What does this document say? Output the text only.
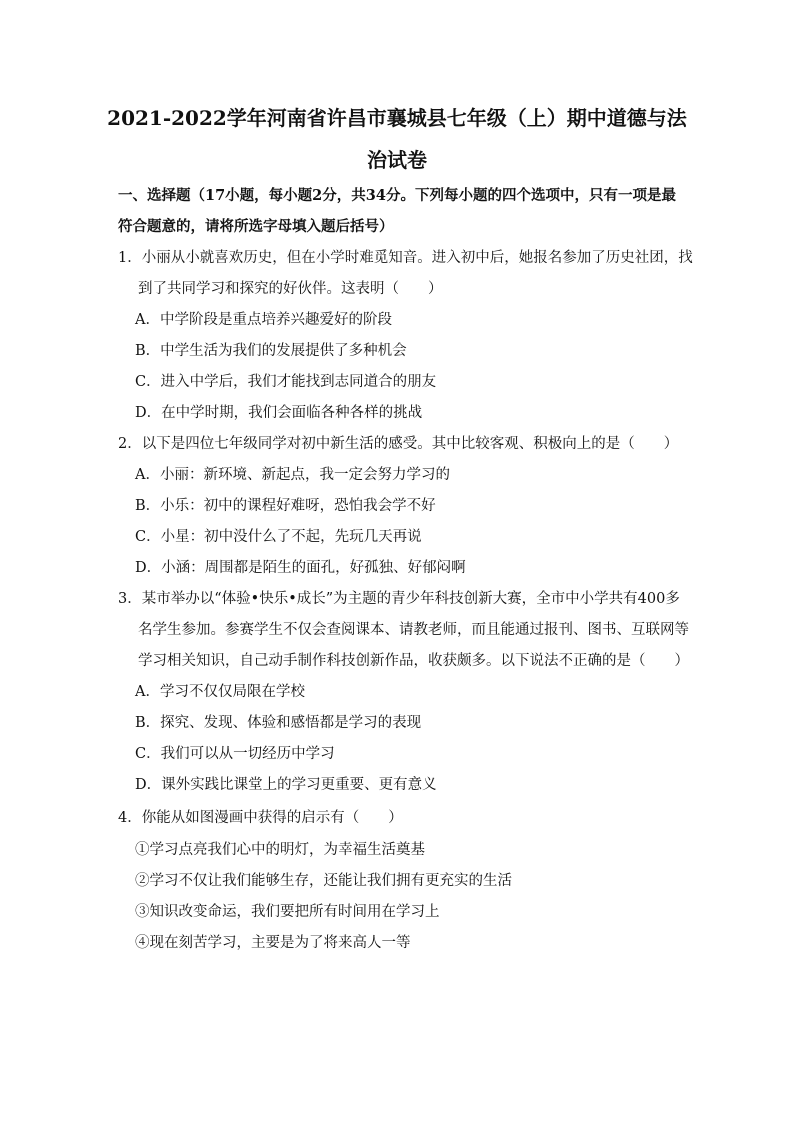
2021-2022学年河南省许昌市襄城县七年级（上）期中道德与法
治试卷
一、选择题（17小题，每小题2分，共34分。下列每小题的四个选项中，只有一项是最符合题意的，请将所选字母填入题后括号）
1．小丽从小就喜欢历史，但在小学时难觅知音。进入初中后，她报名参加了历史社团，找
到了共同学习和探究的好伙伴。这表明（　　）
A．中学阶段是重点培养兴趣爱好的阶段
B．中学生活为我们的发展提供了多种机会
C．进入中学后，我们才能找到志同道合的朋友
D．在中学时期，我们会面临各种各样的挑战
2．以下是四位七年级同学对初中新生活的感受。其中比较客观、积极向上的是（　　）
A．小丽：新环境、新起点，我一定会努力学习的
B．小乐：初中的课程好难呀，恐怕我会学不好
C．小星：初中没什么了不起，先玩几天再说
D．小涵：周围都是陌生的面孔，好孤独、好郁闷啊
3．某市举办以“体验•快乐•成长”为主题的青少年科技创新大赛，全市中小学共有400多
名学生参加。参赛学生不仅会查阅课本、请教老师，而且能通过报刊、图书、互联网等
学习相关知识，自己动手制作科技创新作品，收获颇多。以下说法不正确的是（　　）
A．学习不仅仅局限在学校
B．探究、发现、体验和感悟都是学习的表现
C．我们可以从一切经历中学习
D．课外实践比课堂上的学习更重要、更有意义
4．你能从如图漫画中获得的启示有（　　）
①学习点亮我们心中的明灯，为幸福生活奠基
②学习不仅让我们能够生存，还能让我们拥有更充实的生活
③知识改变命运，我们要把所有时间用在学习上
④现在刻苦学习，主要是为了将来高人一等
